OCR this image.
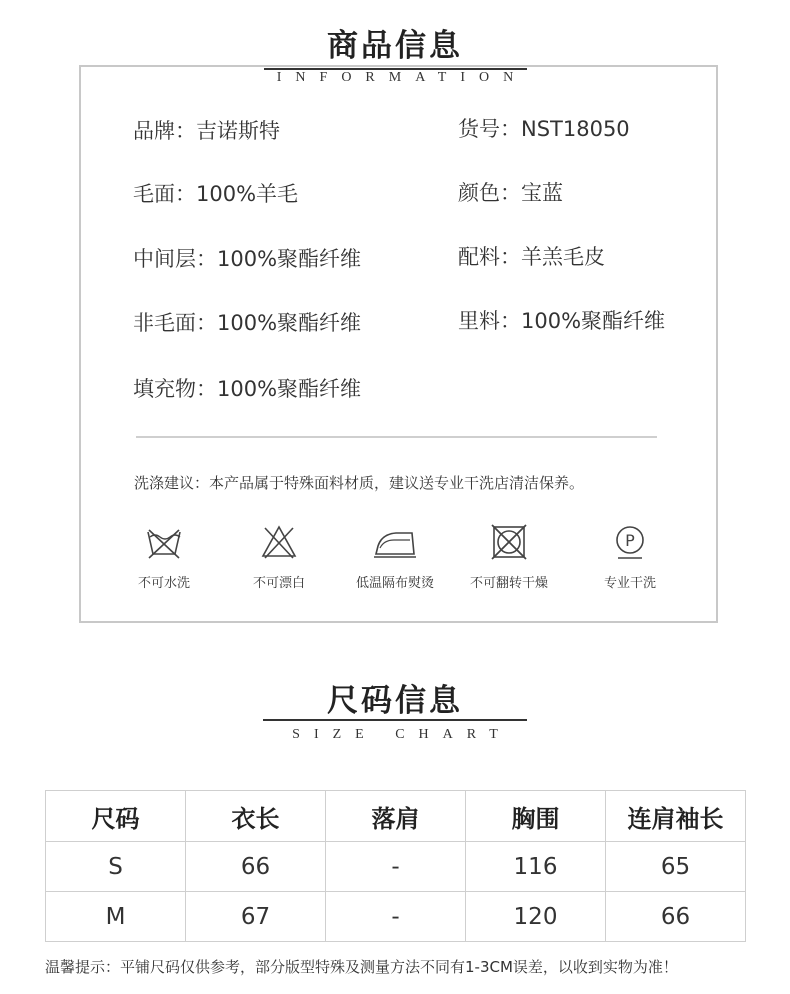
商品信息
品牌：吉诺斯特	货号：NST18050
毛面：100%羊毛	颜色：宝蓝
中间层：100%聚酯纤维	配料：羊羔毛皮
非毛面：100%聚酯纤维	里料：100%聚酯纤维
填充物：100%聚酯纤维
洗涤建议：本产品属于特殊面料材质，建议送专业干洗店清洁保养。
不可水洗	不可漂白	低温隔布熨烫	不可翻转干燥
P
专业干洗
INFORMATION
尺码信息
SIZE CHART
尺码	衣长	落肩	胸围	连肩袖长
S	66	-	116	65
M	67	-	120	66
温馨提示：平铺尺码仅供参考，部分版型特殊及测量方法不同有1-3CM误差，以收到实物为准！
